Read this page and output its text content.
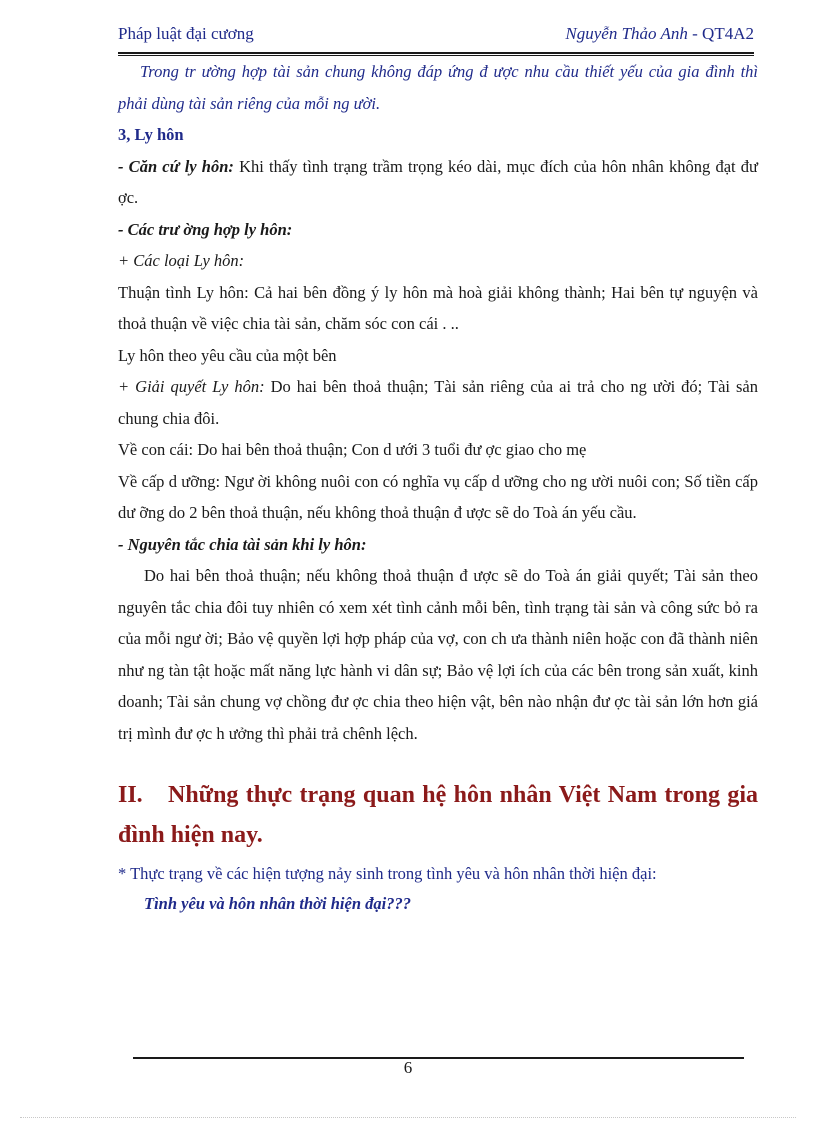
Pháp luật đại cương	Nguyễn Thảo Anh - QT4A2

Trong tr ường hợp tài sản chung không đáp ứng đ ược nhu cầu thiết yếu của gia đình thì phải dùng tài sản riêng của mỗi ng ười.

3, Ly hôn

- Căn cứ ly hôn: Khi thấy tình trạng trầm trọng kéo dài, mục đích của hôn nhân không đạt đư ợc.

- Các trư ờng hợp ly hôn:

+ Các loại Ly hôn:

Thuận tình Ly hôn: Cả hai bên đồng ý ly hôn mà hoà giải không thành; Hai bên tự nguyện và thoả thuận về việc chia tài sản, chăm sóc con cái . ..

Ly hôn theo yêu cầu của một bên

+ Giải quyết Ly hôn: Do hai bên thoả thuận; Tài sản riêng của ai trả cho ng ười đó; Tài sản chung chia đôi.

Về con cái: Do hai bên thoả thuận; Con d ưới 3 tuổi đư ợc giao cho mẹ

Về cấp d ưỡng: Ngư ời không nuôi con có nghĩa vụ cấp d ưỡng cho ng ười nuôi con; Số tiền cấp dư ỡng do 2 bên thoả thuận, nếu không thoả thuận đ ược sẽ do Toà án yếu cầu.

- Nguyên tắc chia tài sản khi ly hôn:

Do hai bên thoả thuận; nếu không thoả thuận đ ược sẽ do Toà án giải quyết; Tài sản theo nguyên tắc chia đôi tuy nhiên có xem xét tình cảnh mỗi bên, tình trạng tài sản và công sức bỏ ra của mỗi ngư ời; Bảo vệ quyền lợi hợp pháp của vợ, con ch ưa thành niên hoặc con đã thành niên như ng tàn tật hoặc mất năng lực hành vi dân sự; Bảo vệ lợi ích của các bên trong sản xuất, kinh doanh; Tài sản chung vợ chồng đư ợc chia theo hiện vật, bên nào nhận đư ợc tài sản lớn hơn giá trị mình đư ợc h ưởng thì phải trả chênh lệch.

II. Những thực trạng quan hệ hôn nhân Việt Nam trong gia đình hiện nay.

* Thực trạng về các hiện tượng nảy sinh trong tình yêu và hôn nhân thời hiện đại:

Tình yêu và hôn nhân thời hiện đại???

6
